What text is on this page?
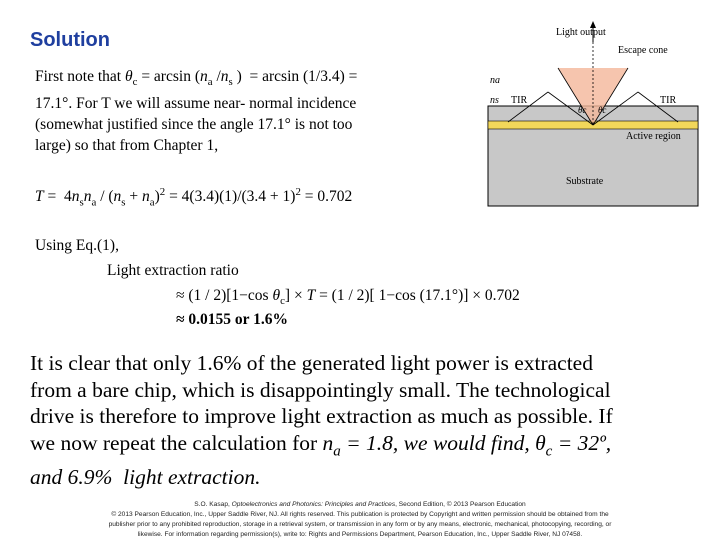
Solution
First note that $\theta_c = \arcsin (n_a$ $/n_s$ )  = arcsin (1/3.4) =
17.1°. For T we will assume near- normal incidence
(somewhat justified since the angle 17.1° is not too
large) so that from Chapter 1,
$T = 4n_sn_a / (n_s + n_a)^2 = 4(3.4)(1)/(3.4 + 1)^2 = 0.702$
Using Eq.(1),
Light extraction ratio
≈ (1 / 2)[1−cos $\theta_c] \times T = (1 / 2)$[ 1−cos (17.1°)] × 0.702
≈ 0.0155 or 1.6%
It is clear that only 1.6% of the generated light power is extracted
from a bare chip, which is disappointingly small. The technological
drive is therefore to improve light extraction as much as possible. If
we now repeat the calculation for $n_a = 1.8$, we would find, $\theta_c$ = 32º,
and 6.9%  light extraction.
Light output
Escape cone
na
ns TIR	TIR
θc θc
Active region
Substrate
S.O. Kasap, Optoelectronics and Photonics: Principles and Practices, Second Edition, © 2013 Pearson Education
© 2013 Pearson Education, Inc., Upper Saddle River, NJ. All rights reserved. This publication is protected by Copyright and written permission should be obtained from the
publisher prior to any prohibited reproduction, storage in a retrieval system, or transmission in any form or by any means, electronic, mechanical, photocopying, recording, or
likewise. For information regarding permission(s), write to: Rights and Permissions Department, Pearson Education, Inc., Upper Saddle River, NJ 07458.
